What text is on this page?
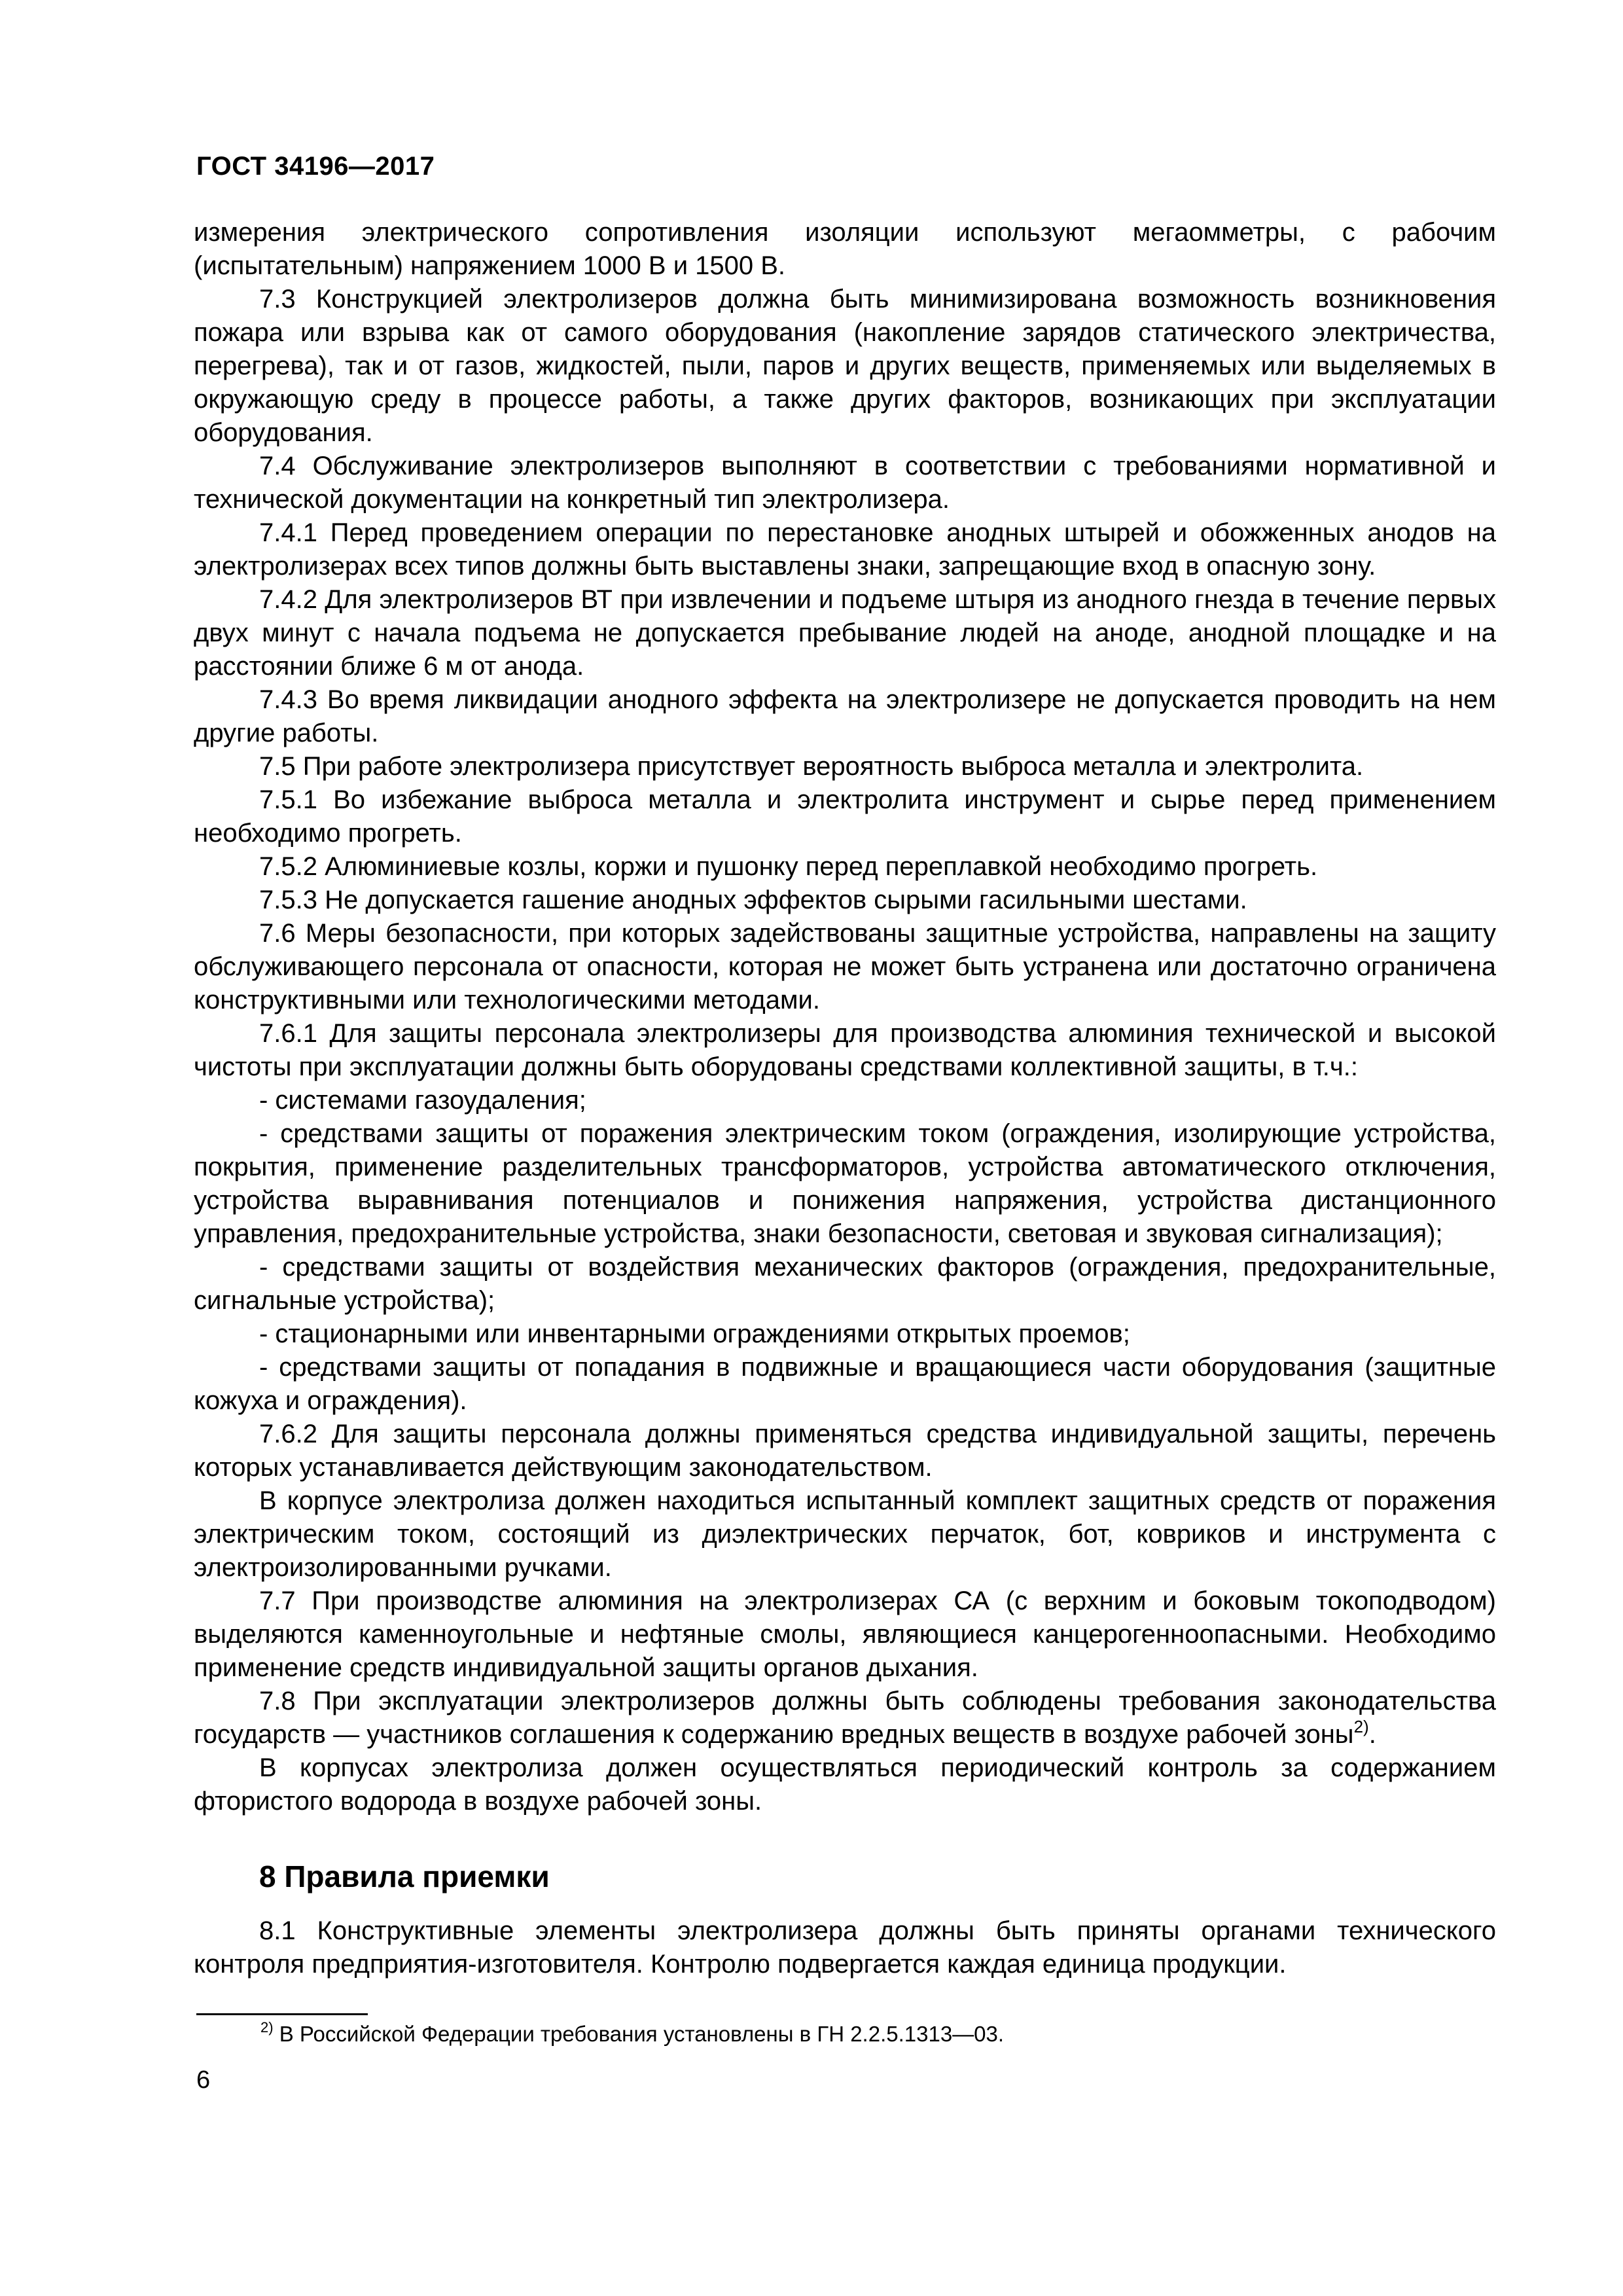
ГОСТ 34196—2017

измерения электрического сопротивления изоляции используют мегаомметры, с рабочим (испытательным) напряжением 1000 В и 1500 В.

7.3 Конструкцией электролизеров должна быть минимизирована возможность возникновения пожара или взрыва как от самого оборудования (накопление зарядов статического электричества, перегрева), так и от газов, жидкостей, пыли, паров и других веществ, применяемых или выделяемых в окружающую среду в процессе работы, а также других факторов, возникающих при эксплуатации оборудования.

7.4 Обслуживание электролизеров выполняют в соответствии с требованиями нормативной и технической документации на конкретный тип электролизера.

7.4.1 Перед проведением операции по перестановке анодных штырей и обожженных анодов на электролизерах всех типов должны быть выставлены знаки, запрещающие вход в опасную зону.

7.4.2 Для электролизеров ВТ при извлечении и подъеме штыря из анодного гнезда в течение первых двух минут с начала подъема не допускается пребывание людей на аноде, анодной площадке и на расстоянии ближе 6 м от анода.

7.4.3 Во время ликвидации анодного эффекта на электролизере не допускается проводить на нем другие работы.

7.5 При работе электролизера присутствует вероятность выброса металла и электролита.

7.5.1 Во избежание выброса металла и электролита инструмент и сырье перед применением необходимо прогреть.

7.5.2 Алюминиевые козлы, коржи и пушонку перед переплавкой необходимо прогреть.

7.5.3 Не допускается гашение анодных эффектов сырыми гасильными шестами.

7.6 Меры безопасности, при которых задействованы защитные устройства, направлены на защиту обслуживающего персонала от опасности, которая не может быть устранена или достаточно ограничена конструктивными или технологическими методами.

7.6.1 Для защиты персонала электролизеры для производства алюминия технической и высокой чистоты при эксплуатации должны быть оборудованы средствами коллективной защиты, в т.ч.:

- системами газоудаления;

- средствами защиты от поражения электрическим током (ограждения, изолирующие устройства, покрытия, применение разделительных трансформаторов, устройства автоматического отключения, устройства выравнивания потенциалов и понижения напряжения, устройства дистанционного управления, предохранительные устройства, знаки безопасности, световая и звуковая сигнализация);

- средствами защиты от воздействия механических факторов (ограждения, предохранительные, сигнальные устройства);

- стационарными или инвентарными ограждениями открытых проемов;

- средствами защиты от попадания в подвижные и вращающиеся части оборудования (защитные кожуха и ограждения).

7.6.2 Для защиты персонала должны применяться средства индивидуальной защиты, перечень которых устанавливается действующим законодательством.

В корпусе электролиза должен находиться испытанный комплект защитных средств от поражения электрическим током, состоящий из диэлектрических перчаток, бот, ковриков и инструмента с электроизолированными ручками.

7.7 При производстве алюминия на электролизерах СА (с верхним и боковым токоподводом) выделяются каменноугольные и нефтяные смолы, являющиеся канцерогенноопасными. Необходимо применение средств индивидуальной защиты органов дыхания.

7.8 При эксплуатации электролизеров должны быть соблюдены требования законодательства государств — участников соглашения к содержанию вредных веществ в воздухе рабочей зоны$^{2)}$.

В корпусах электролиза должен осуществляться периодический контроль за содержанием фтористого водорода в воздухе рабочей зоны.

8 Правила приемки

8.1 Конструктивные элементы электролизера должны быть приняты органами технического контроля предприятия-изготовителя. Контролю подвергается каждая единица продукции.

$^{2)}$ В Российской Федерации требования установлены в ГН 2.2.5.1313—03.
6
